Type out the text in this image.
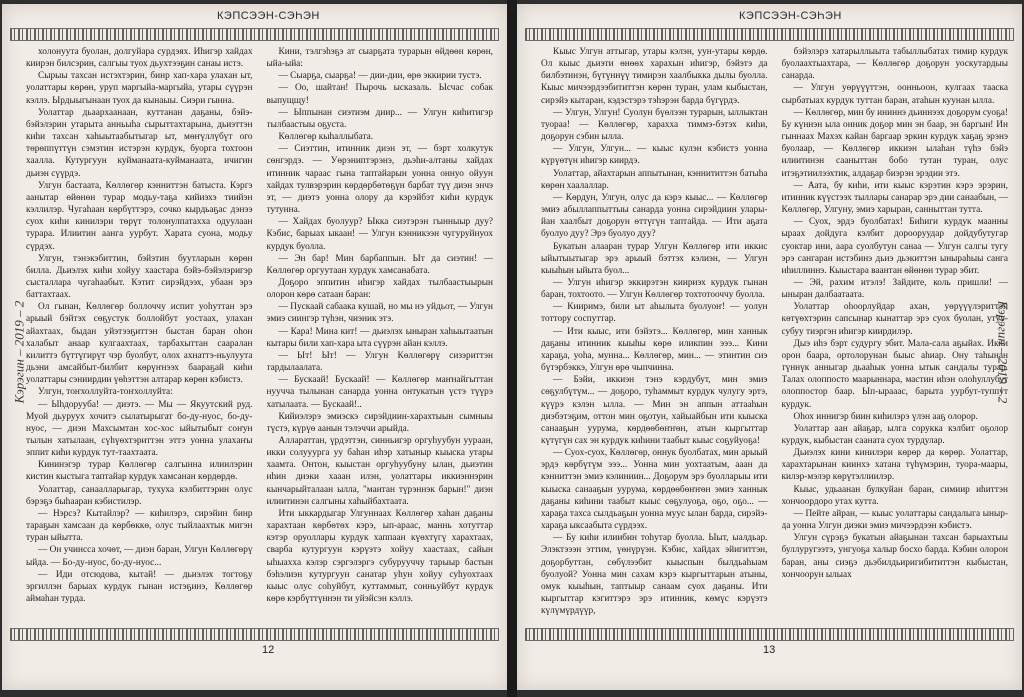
КЭПСЭЭН-СЭҺЭН

холонуута буолан, долгуйара сурдэях. Иһигэр хайдах киирэн билсэрин, салгыы туох дьухтээҕин санаы истэ.

Сырыы тахсан истэхтэрин, бинр хап-хара улахан ыт, уолаттары көрөн, уруп маргыйа-маргыйа, утары сүүрэн кэллэ. Ырдыыгынаан туох да кынаыы. Сиэри гынна.

Уолаттар дьаархаанаан, куттанан даҕаны, бэйэ-бэйэлэрин утарыта анньыһа сырыттахтарына, дьиэттэн киһи тахсан хаһыытаабытыгар ыт, мөҥүллүбүт ого төрөппүттүн сэмэтин истэрэн курдук, буорга тохтоон хаалла. Кутургуун куйманаата-куйманаата, ичигин дьиэн сүүрдэ.

Улгун бастаата, Көллөгөр кэнниттэн батыста. Кэргэ аанытар өйөнөн турар модьу-таҕа кийиэхэ тиийэн кэллилэр. Чугаһаан көрбүттэрэ, сочко кырдьаҕас дэнээ суох киһи кинилэри төрүт толонулпатахха одуулаан турара. Илиитин аанга уурбут. Харата суона, модьу сүрдэх.

Улгун, тэнэкэбиттин, бэйэтин буутларын көрөн билла. Дьиэлэх киһи хойуу хаастара бэйэ-бэйэлэригэр сысталлара чугаһаабыт. Кэтит сирэйдээх, убаан эрэ баттахтаах.

Ол гынан, Көллөгөр боллоччу испит уоһуттан эрэ арыый бэйтэх сөҕустук боллойбут уостаах, улахан айахтаах, быдан уйэтээҕиттэн быстан баран оһон халабыт анаар кулгаахтаах, тарбахыттан сааралан килиттэ бүттүгирүт чэр буолбут, олох ахнаттэ-ньулуута дьэни амсайбыт-билбит көрүҥнээх баараҕай киһи уолаттары сэниирдии үөһэттэн алтарар көрөн кэбистэ.

Улгун, тоҥхоллуйта-тоҥхоллуйта:

— Ыһдорууба! — диэтэ. — Мы — Якуутский руд. Муой дьуруух хочитэ сылатырыгат бо-ду-нуос, бо-ду-нуос, — диэн Махсымтан хос-хос ыйытыбыт соҥун тылын хатылаан, сүһүөхтэриттэн эттэ уонна улахаҥы эппит киһи курдук тут-таахтаата.

Кининэгэр турар Көллөгөр салгынна илиилэрин кистин кыстыга таптайар курдук хамсанан көрдөрдө.

Уолаттар, санаалларыгар, тухуха кэлбиттэрин олус бэрэҕэ быһааран кэбистилэр.

— Нэрсэ? Кытайлэр? — киһилэрэ, сирэйин бинр тараҕын хамсаан да көрбөккө, олус тыйлаахтык мигэн туран ыйытта.

— Он учинсса хочөт, — диэн баран, Улгун Көллөгөрү ыйда. — Бо-ду-нуос, бо-ду-нуос...

— Иди отсюдова, кытай! — дьиэлэх тогтоҕу эргиллэн барыах курдук гынан истэҕинэ, Көллөгөр аймаһан турда.

Кини, тэлгэһэҕэ ат сыарҕата турарын өйдөөн көрөн, ыйа-ыйа:

— Сыарҕа, сыарҕа! — дии-дии, өрө эккирии тустэ.

— Оо, шайтан! Пырочь ысказаль. Ысчас собак выпущщу!

— Ыппынан сиэтиэм диир... — Улгун киһитигэр тылбаастыы оҕуста.

Көллөгөр кыһаллыбата.

— Сиэттин, итинник диэн эт, — бэрт холкутук сөнгэрдэ. — Уөрэниптэрэнэ, дьэһи-алтаны хайдах итинник чараас гына таптайарын уонна оннуо ойуун хайдах тулвэрэрин көрдөрбөтөҕүн барбат түү диэн энчэ эт, — диэтэ уонна олору да кэрэйбэт киһи курдук тутунна.

— Хайдах буолуур? Ыкка сиэтэрэн гынныыр дуу? Кэбис, барыах ыкаан! — Улгун кэнникээн чугуруйнуох курдук буолла.

— Эн бар! Мин барбаппын. Ыт да сиэтин! — Көллөгөр оргуутаан хурдук хамсанабата.

Доҕоро эппитин иһигэр хайдах тылбаастыырын олорон көрө сатаан баран:

— Пускаай сабаака кушай, но мы нэ уйдьот, — Улгун эмиэ сиингэр түһэн, чиэник этэ.

— Кара! Мина кит! — дьиэлэх ыныран хаһыытаатын кытары били хап-хара ыта сүүрэн айан кэллэ.

— Ыт! Ыт! — Улгун Көллөгөрү сизэриттэн тардылаалата.

— Бускаай! Бускаай! — Көллөгөр маҥнайгыттан нуучча тылынан санарда уонна онтукатын үстэ түүрэ хатылаата. — Бускаай!..

Кийиэлэрэ эмиэскэ сирэйдиин-харахтыын сымныы түстэ, күрүө аанын тэлэччи арыйда.

Аллараттан, үрдэттэн, синньигэр оргуһуубун уураан, икки солууурга уу баһан иһэр хатыныр кыыска утары хаамта. Онтон, кыыстан оргуһуубуну ылан, дьиэтин иһин диэки хааан илэн, уолаттары иккиэннэрин кынчарыйталаан ылла, "мантан түрэннэк барын!" диэн илиитинэн салгыны хаһыйбахтаата.

Ити ыккардыгар Улгуннаах Көллөгөр хаһан даҕаны харахтаан көрбөтөх кэрэ, ып-араас, маннь хотуттар кэтэр оруоллары курдук хаппаан күөхтүгү харахтаах, сварба кутургуун кэрүэтэ хойуу хаастаах, сайын ыһыахха кэлэр сэргэлэргэ субурууччу тарыыр бастын бэһэлиэн кутургуун санатар уһун хойуу суһуохтаах кыыс олус соһуйбут, куттаммыт, сонньуйбут курдук көрө кэрбүттүннэн ти уйэйсэн кэллэ.

12
Кэрэгин – 2019 – 2
КЭПСЭЭН-СЭҺЭН

Кыыс Улгун аттыгар, утары кэлэн, уун-утары көрдө. Ол кыыс дьиэти өнөөх харахын иһигэр, бэйэтэ да билбэтинэн, бүтүннүү тимирэн хаалбыкка дылы буолла. Кыыс мичээрдээбититтэн көрөн туран, улам кыбыстан, сирэйэ кытаран, кэдэстэрэ тэһэрэн барда бүгүрдэ.

— Улгун, Улгун! Суолун бүөлээн турарын, ыллыктан туораа! — Көллөгөр, харахха тиммэ-бэтэх киһи, доҕорун сэбин ылла.

— Улгун, Улгун... — кыыс кулэн кэбистэ уонна күрүөтүн иһигэр киирдэ.

Уолаттар, айахтарын аппытынан, кэннититтэн батыһа көрөн хаалаллар.

— Көрдун, Улгун, олус да кэрэ кыыс... — Көллөгөр эмиэ абыллаппыттыы санарда уонна сирэйдиин уларыйан хаалбыт доҕорун өттүгүн таптайда. — Ити аҕата буолуо дуу? Эрэ буолуо дуу?

Букатын алааран турар Улгун Көллөгөр ити иккис ыйытыытыгар эрэ арыый бэттэх кэлиэн, — Улгун кыыһын ыйыта буол...

— Улгун иһигэр эккирэтэн киириэх курдук гынан баран, тохтоото. — Улгун Көллөгөр тохтотооччу буолла.

— Кииримэ, били ыт аһылыта буолуоҥ! — уолун тоттору соспуттар.

— Ити кыыс, ити бэйэтэ... Көллөгөр, мин ханнык даҕаны итинник кыыһы көрө иликпин эээ... Кини хараҕа, уоһа, мунна... Көллөгөр, мин... — этинтин сиэ бүтэрбэккэ, Улгун өрө чыпчинна.

— Бэйи, иккиэн тэнэ кэрдубут, мин эмиэ сөҕулбүтүм... — доҕоро, туһаммыт курдук чулугу эртэ, күүрэ кэлэн ылла. — Мин эн аппын аттааһын диэбэтэҕим, оттон мин оҕотун, хайыайбын ити кыыска санааҕын уурума, көрдөөбөҥҥөн, атын кыргыттар күтүгүн сах эн курдук киһини таабыт кыыс соҕуйуоҕа!

— Суох-суох, Көллөгөр, оннук буолбатах, мин арыый эрдэ көрбүтүм эээ... Уонна мин уохтаатым, ааан да кэнниттэн эмиэ кэлиниин... Доҕорум эрэ буолларыы ити кыыска санааҕын уурума, көрдөөбөҥҥөн эмиэ ханнык даҕаны киһини таабыт кыыс сөҕулуоҕа, оҕо, оҕо... — хараҕа тахса сылдьаҕын уонна муус ылан барда, сирэйэ-хараҕа ыксаабыта сүрдээх.

— Бу киһи илиибин тоһутар буолла. Ыыт, ыалдьар. Элэктэээн эттим, үөнүрүэн. Кэбис, хайдах эйигиттэн, доҕорбуттан, сөбүлээбит кыыспын былдьаһыам буолуой? Уонна мин сахам кэрэ кыргыттарын атыны, омук кыыһын, таптыыр санаам суох даҕаны. Ити кыргыттар кэгиттэрэ эрэ итинник, көмүс кэрүэтэ күлүмүрдүүр,

бэйэлэрэ хатарыллыыта табыллыбатах тимир курдук буолаахтыахтара, — Көллөгөр доҕорун уоскутардыы санарда.

— Улгун уөрүүүттэн, оонньоон, кулгаах тааска сырбатыах курдук туттан баран, атаһын куунан ылла.

— Көллөгөр, мин бу ининнэ дьиннээх доҕорум суоҕа! Бу күннэн ыла онник доҕор мин эн баар, эн баргын! Ин гыннаах Махэх кайан баргаар эркин курдук хаҕаҕ эрэнэ буолаар, — Көллөгөр иккиэн ылаһан түһэ бэйэ илиитинэн сааныттан бобо тутан туран, олус итэҕэтиилээхтик, алдаҕар биэрэн эрэдии этэ.

— Аата, бу киһи, ити кыыс кэрэтин кэрэ эрэрин, итинник күүстээх тыллары санарар эрэ дии санаабын, — Көллөгөр, Улгуну, эмиэ харыран, санныттан тутта.

— Суох, эрдэ буолбатах! Биһиги курдук маанны ыраах дойдуга кэлбит дорооруудар дойдубутугар суоктар ини, аара суолбутун санаа — Улгун салгы тугу эрэ сангаран истэбинэ дьиэ дьэкиттэн ыныраһыы санга иһиллиннэ. Кыыстара ваантан өйөнөн турар эбит.

— Эй, рахим итэлэ! Зайдите, коль пришли! — ыныран далбаатаата.

Уолаттар оһоорлуйдар ахан, уөрүүүлэриттэн көтүөхтэрин сапсынар кынаттар эрэ суох буолан, утуу-субуу тиэргэн иһигэр киирдилэр.

Дыэ иһэ бэрт судургу эбит. Мала-сала аҕыйах. Икки орон баара, ортолорунан быыс аһиар. Ону таһынан түннүк анныгар дьааһык уонна ытык сандалы турар. Талах олоппосто маарыннара, мастин иһэн олоһуллубут олоппостор баар. Ып-ырааас, барыта уурбут-туппут курдук.

Оһох иннигэр биин киһилэрэ үлэн ааҕ олорор.

Уолаттар аан айаҕар, ылга сорукка кэлбит оҕолор курдук, кыбыстан сааната суох турдулар.

Дьиэлэх кини кинилэри көрөр да көрөр. Уолаттар, харахтарынан киинхэ хатана түһүмэрин, туора-маары, килэр-мэлэр көрүтэллиилэр.

Кыыс, удьаанан булкуйан баран, симиир иһиттэн хончоордоро утах кутта.

— Пейте айран, — кыыс уолаттары сандалыга ынырда уонна Улгун диэки эмиэ мичээрдээн кэбистэ.

Улгун сүрэҕэ букатын айаҕынан тахсан барыахтыы буллуругээтэ, унгуоҕа халыр босхо барда. Кэбин олорон баран, аны сиэҕэ дьэбилдьиригибититтэн кыбыстан, хончоорун ылыах

13
Кэрэгин – 2019 – 2
